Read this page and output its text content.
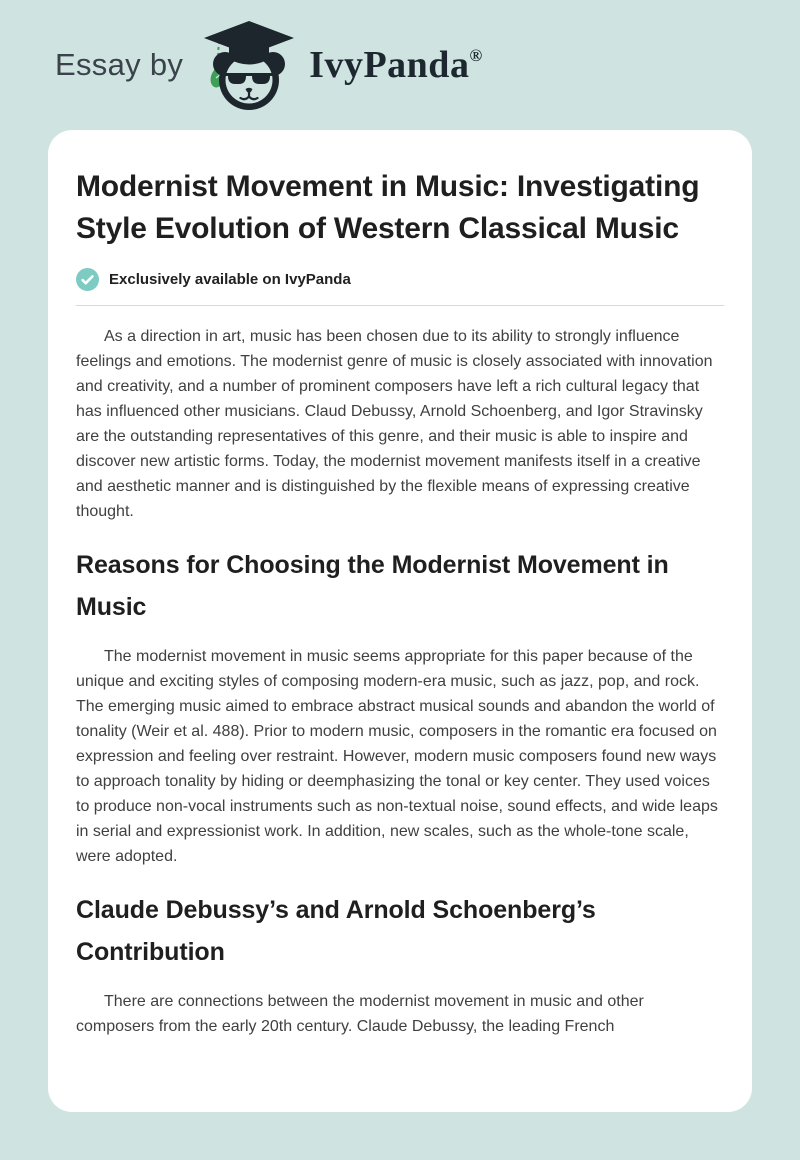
Essay by	IvyPanda®
Modernist Movement in Music: Investigating Style Evolution of Western Classical Music
Exclusively available on IvyPanda

As a direction in art, music has been chosen due to its ability to strongly influence feelings and emotions. The modernist genre of music is closely associated with innovation and creativity, and a number of prominent composers have left a rich cultural legacy that has influenced other musicians. Claud Debussy, Arnold Schoenberg, and Igor Stravinsky are the outstanding representatives of this genre, and their music is able to inspire and discover new artistic forms. Today, the modernist movement manifests itself in a creative and aesthetic manner and is distinguished by the flexible means of expressing creative thought.

Reasons for Choosing the Modernist Movement in Music

The modernist movement in music seems appropriate for this paper because of the unique and exciting styles of composing modern-era music, such as jazz, pop, and rock. The emerging music aimed to embrace abstract musical sounds and abandon the world of tonality (Weir et al. 488). Prior to modern music, composers in the romantic era focused on expression and feeling over restraint. However, modern music composers found new ways to approach tonality by hiding or deemphasizing the tonal or key center. They used voices to produce non-vocal instruments such as non-textual noise, sound effects, and wide leaps in serial and expressionist work. In addition, new scales, such as the whole-tone scale, were adopted.

Claude Debussy’s and Arnold Schoenberg’s Contribution

There are connections between the modernist movement in music and other composers from the early 20th century. Claude Debussy, the leading French
